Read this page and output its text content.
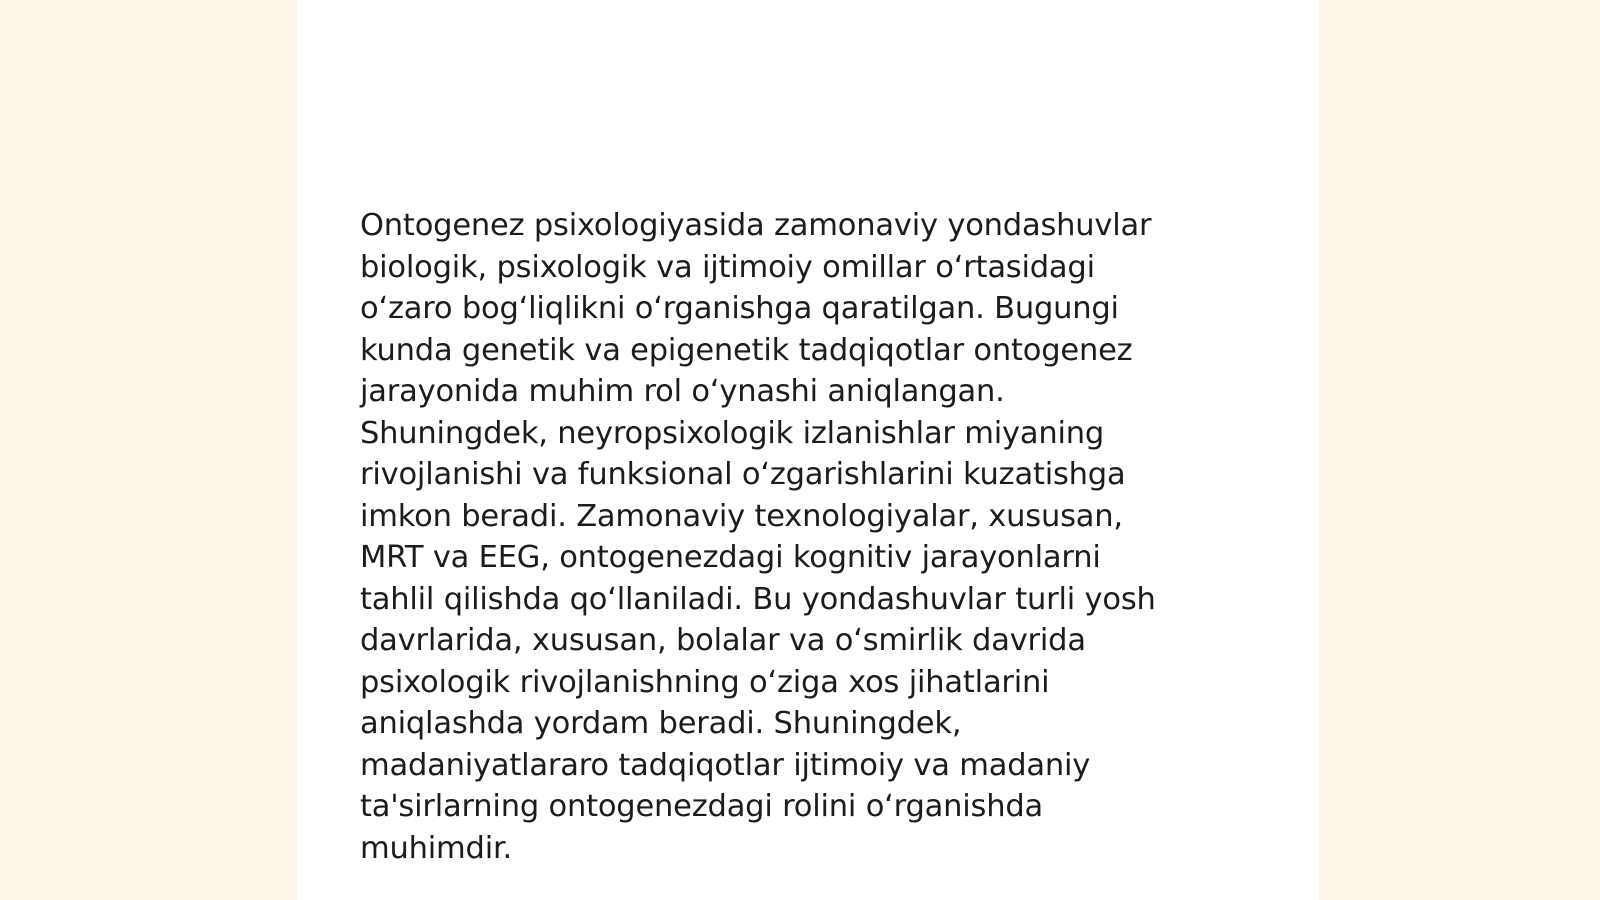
Ontogenez psixologiyasida zamonaviy yondashuvlar
biologik, psixologik va ijtimoiy omillar o‘rtasidagi
o‘zaro bog‘liqlikni o‘rganishga qaratilgan. Bugungi
kunda genetik va epigenetik tadqiqotlar ontogenez
jarayonida muhim rol o‘ynashi aniqlangan.
Shuningdek, neyropsixologik izlanishlar miyaning
rivojlanishi va funksional o‘zgarishlarini kuzatishga
imkon beradi. Zamonaviy texnologiyalar, xususan,
MRT va EEG, ontogenezdagi kognitiv jarayonlarni
tahlil qilishda qo‘llaniladi. Bu yondashuvlar turli yosh
davrlarida, xususan, bolalar va o‘smirlik davrida
psixologik rivojlanishning o‘ziga xos jihatlarini
aniqlashda yordam beradi. Shuningdek,
madaniyatlararo tadqiqotlar ijtimoiy va madaniy
ta'sirlarning ontogenezdagi rolini o‘rganishda
muhimdir.
